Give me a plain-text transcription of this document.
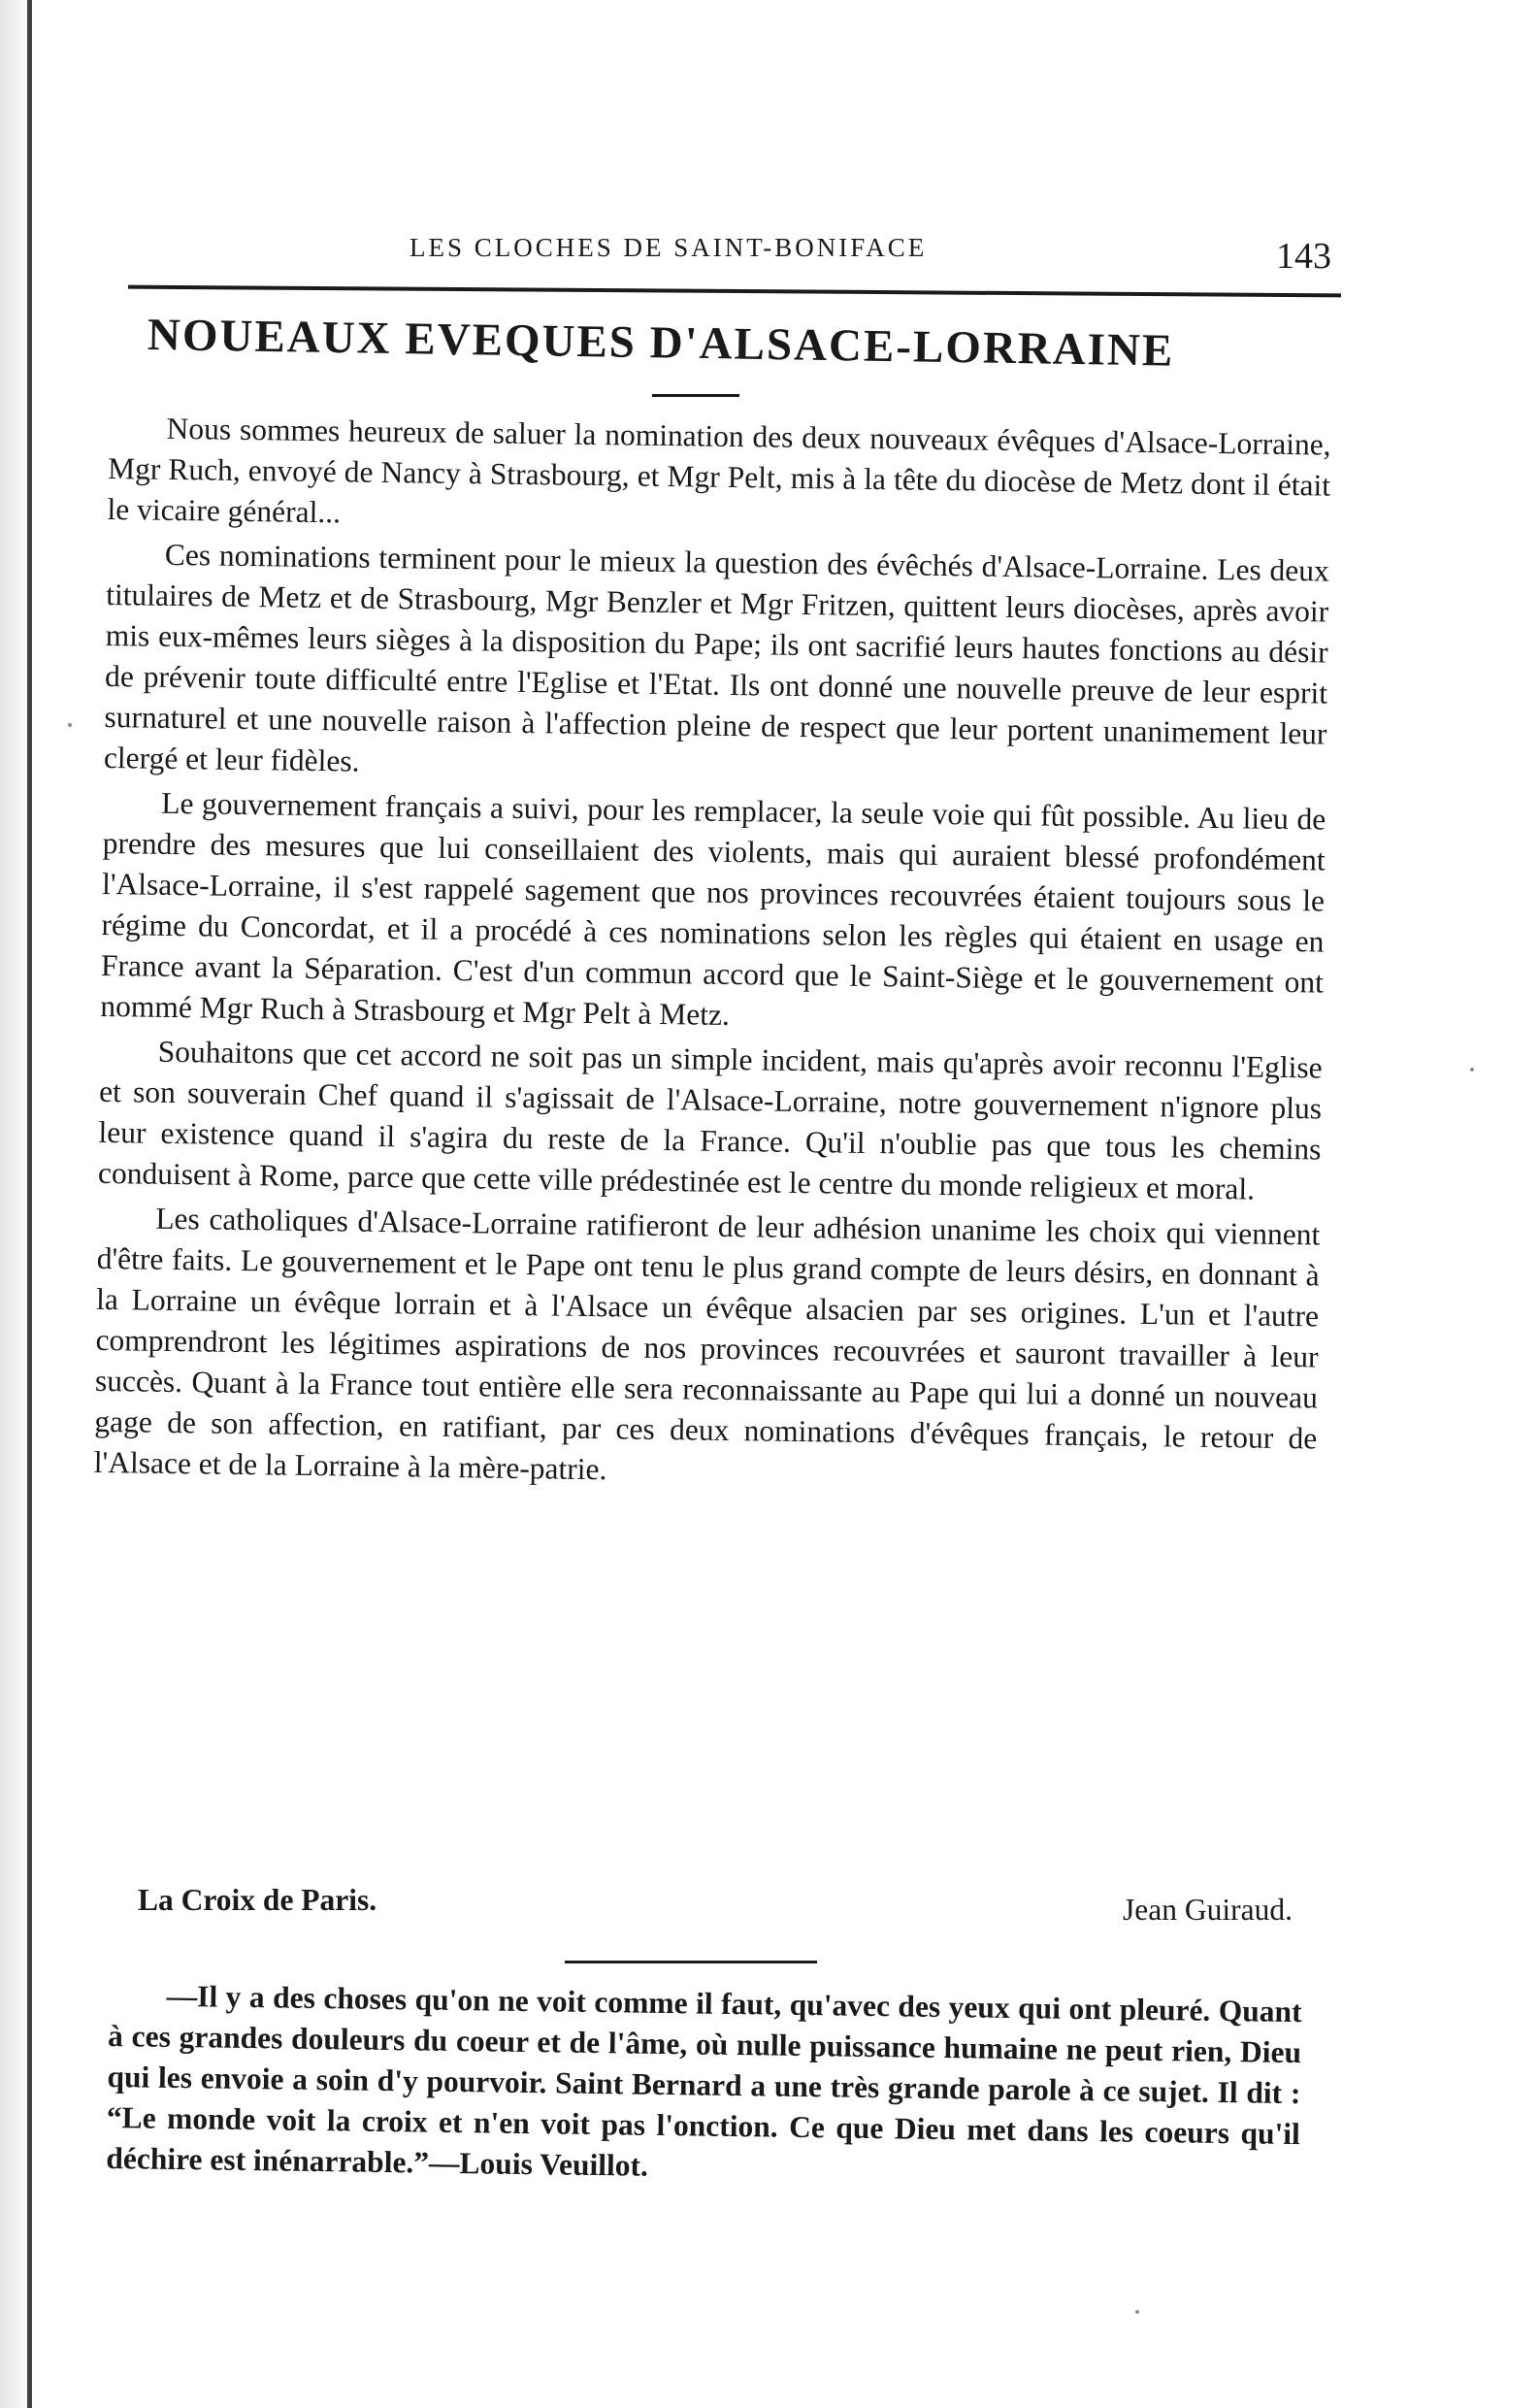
LES CLOCHES DE SAINT-BONIFACE	143
NOUEAUX EVEQUES D'ALSACE-LORRAINE

Nous sommes heureux de saluer la nomination des deux nouveaux évêques d'Alsace-Lorraine, Mgr Ruch, envoyé de Nancy à Strasbourg, et Mgr Pelt, mis à la tête du diocèse de Metz dont il était le vicaire général...

Ces nominations terminent pour le mieux la question des évêchés d'Alsace-Lorraine. Les deux titulaires de Metz et de Strasbourg, Mgr Benzler et Mgr Fritzen, quittent leurs diocèses, après avoir mis eux-mêmes leurs sièges à la disposition du Pape; ils ont sacrifié leurs hautes fonctions au désir de prévenir toute difficulté entre l'Eglise et l'Etat. Ils ont donné une nouvelle preuve de leur esprit surnaturel et une nouvelle raison à l'affection pleine de respect que leur portent unanimement leur clergé et leur fidèles.

Le gouvernement français a suivi, pour les remplacer, la seule voie qui fût possible. Au lieu de prendre des mesures que lui conseillaient des violents, mais qui auraient blessé profondément l'Alsace-Lorraine, il s'est rappelé sagement que nos provinces recouvrées étaient toujours sous le régime du Concordat, et il a procédé à ces nominations selon les règles qui étaient en usage en France avant la Séparation. C'est d'un commun accord que le Saint-Siège et le gouvernement ont nommé Mgr Ruch à Strasbourg et Mgr Pelt à Metz.

Souhaitons que cet accord ne soit pas un simple incident, mais qu'après avoir reconnu l'Eglise et son souverain Chef quand il s'agissait de l'Alsace-Lorraine, notre gouvernement n'ignore plus leur existence quand il s'agira du reste de la France. Qu'il n'oublie pas que tous les chemins conduisent à Rome, parce que cette ville prédestinée est le centre du monde religieux et moral.

Les catholiques d'Alsace-Lorraine ratifieront de leur adhésion unanime les choix qui viennent d'être faits. Le gouvernement et le Pape ont tenu le plus grand compte de leurs désirs, en donnant à la Lorraine un évêque lorrain et à l'Alsace un évêque alsacien par ses origines. L'un et l'autre comprendront les légitimes aspirations de nos provinces recouvrées et sauront travailler à leur succès. Quant à la France tout entière elle sera reconnaissante au Pape qui lui a donné un nouveau gage de son affection, en ratifiant, par ces deux nominations d'évêques français, le retour de l'Alsace et de la Lorraine à la mère-patrie.

La Croix de Paris.	Jean Guiraud.

—Il y a des choses qu'on ne voit comme il faut, qu'avec des yeux qui ont pleuré. Quant à ces grandes douleurs du coeur et de l'âme, où nulle puissance humaine ne peut rien, Dieu qui les envoie a soin d'y pourvoir. Saint Bernard a une très grande parole à ce sujet. Il dit : “Le monde voit la croix et n'en voit pas l'onction. Ce que Dieu met dans les coeurs qu'il déchire est inénarrable.”—Louis Veuillot.
